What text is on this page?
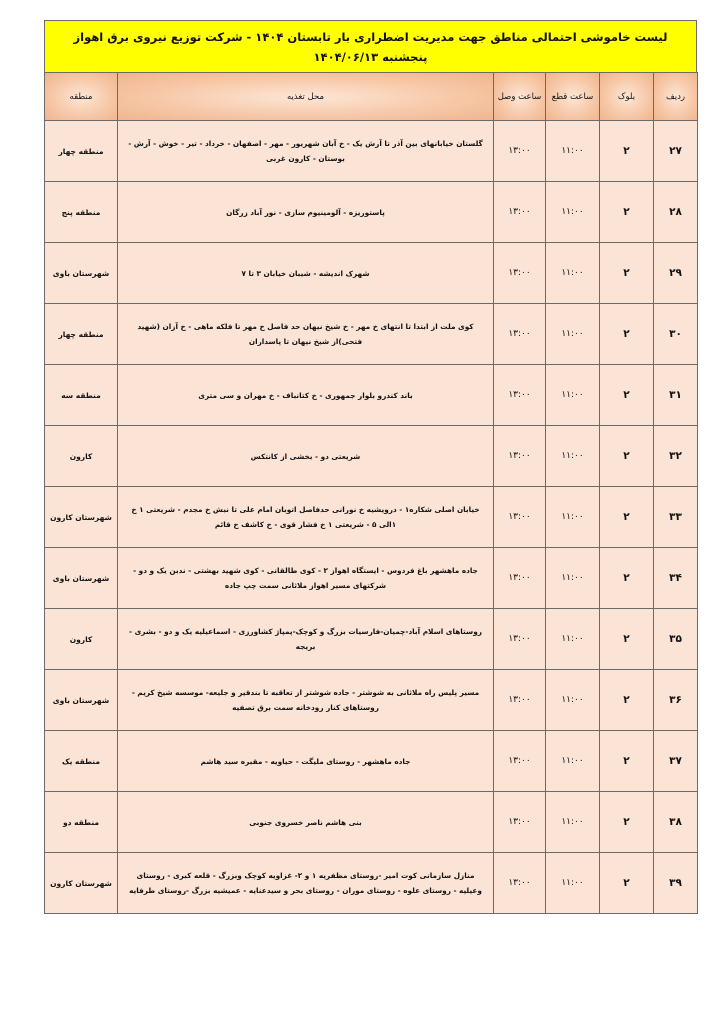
لیست خاموشی احتمالی مناطق جهت مدیریت اضطراری بار تابستان ۱۴۰۴ - شرکت توزیع نیروی برق اهواز
پنجشنبه ۱۴۰۴/۰۶/۱۳
ردیف	بلوک	ساعت قطع	ساعت وصل	محل تغذیه	منطقه
۲۷	۲	۱۱:۰۰	۱۳:۰۰	گلستان خیابانهای بین آذر تا آرش یک - خ آبان شهریور - مهر - اصفهان - خرداد - تیر - خوش - آرش - بوستان - کارون غربی	منطقه چهار
۲۸	۲	۱۱:۰۰	۱۳:۰۰	پاستوریزه - آلومینیوم سازی - نور آباد زرگان	منطقه پنج
۲۹	۲	۱۱:۰۰	۱۳:۰۰	شهرک اندیشه - شیبان خیابان ۳ تا ۷	شهرستان باوی
۳۰	۲	۱۱:۰۰	۱۳:۰۰	کوی ملت از ابتدا تا انتهای خ مهر - خ شیخ نیهان حد فاصل خ مهر تا فلکه ماهی - خ آزان (شهید فتحی)از شیخ نیهان تا پاسداران	منطقه چهار
۳۱	۲	۱۱:۰۰	۱۳:۰۰	باند کندرو بلوار جمهوری - خ کتانباف - خ مهران و سی متری	منطقه سه
۳۲	۲	۱۱:۰۰	۱۳:۰۰	شریعتی دو - بخشی از کانتکس	کارون
۳۳	۲	۱۱:۰۰	۱۳:۰۰	خیابان اصلی شکاره۱ - درویشیه خ نورانی حدفاصل اتوبان امام علی تا نبش خ مجدم - شریعتی ۱ خ ۱الی ۵ - شریعتی ۱ خ فشار قوی - خ کاشف خ قائم	شهرستان کارون
۳۴	۲	۱۱:۰۰	۱۳:۰۰	جاده ماهشهر باغ فردوس - ایستگاه اهواز ۲ - کوی طالقانی - کوی شهید بهشتی - ندبن یک و دو - شرکتهای مسیر اهواز ملاثانی سمت چپ جاده	شهرستان باوی
۳۵	۲	۱۱:۰۰	۱۳:۰۰	روستاهای اسلام آباد-چمیان-فارسیات بزرگ و کوچک-پمپاژ کشاورزی - اسماعیلیه یک و دو - بشری - بریجه	کارون
۳۶	۲	۱۱:۰۰	۱۳:۰۰	مسیر پلیس راه ملاثانی به شوشتر - جاده شوشتر از تعاقبه تا بندقیر و جلیعه- موسسه شیخ کریم - روستاهای کنار رودخانه سمت برق تصفیه	شهرستان باوی
۳۷	۲	۱۱:۰۰	۱۳:۰۰	جاده ماهشهر - روستای ملیگت - حیاویه - مقبره سید هاشم	منطقه یک
۳۸	۲	۱۱:۰۰	۱۳:۰۰	بنی هاشم ناصر خسروی جنوبی	منطقه دو
۳۹	۲	۱۱:۰۰	۱۳:۰۰	منازل سازمانی کوت امیر -روستای مظفریه ۱ و ۲- غزاویه کوچک وبزرگ - قلعه کبری - روستای وعیلیه - روستای علوه - روستای موران - روستای بحر و سیدعنایه - عمیشیه بزرگ -روستای طرفایه	شهرستان کارون
